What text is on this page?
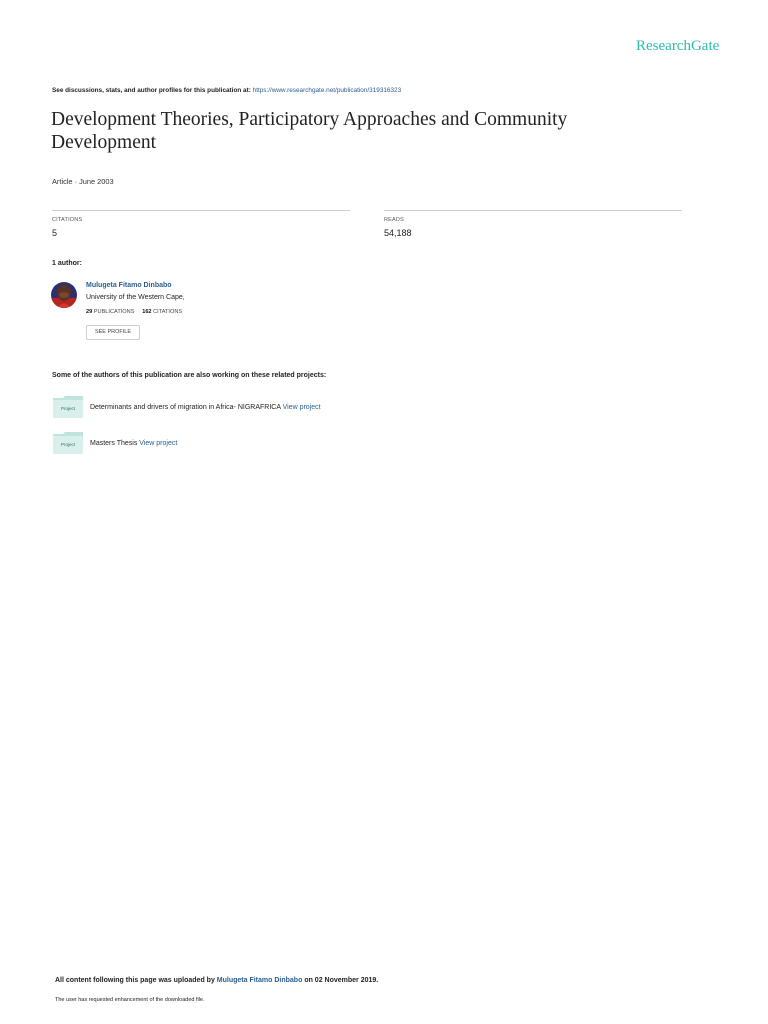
ResearchGate
See discussions, stats, and author profiles for this publication at: https://www.researchgate.net/publication/319316323
Development Theories, Participatory Approaches and Community Development
Article · June 2003
CITATIONS
5
READS
54,188
1 author:
Mulugeta Fitamo Dinbabo
University of the Western Cape,
29 PUBLICATIONS 162 CITATIONS
SEE PROFILE
Some of the authors of this publication are also working on these related projects:
Project	Determinants and drivers of migration in Africa- NIGRAFRICA View project
Project	Masters Thesis View project
All content following this page was uploaded by Mulugeta Fitamo Dinbabo on 02 November 2019.
The user has requested enhancement of the downloaded file.
